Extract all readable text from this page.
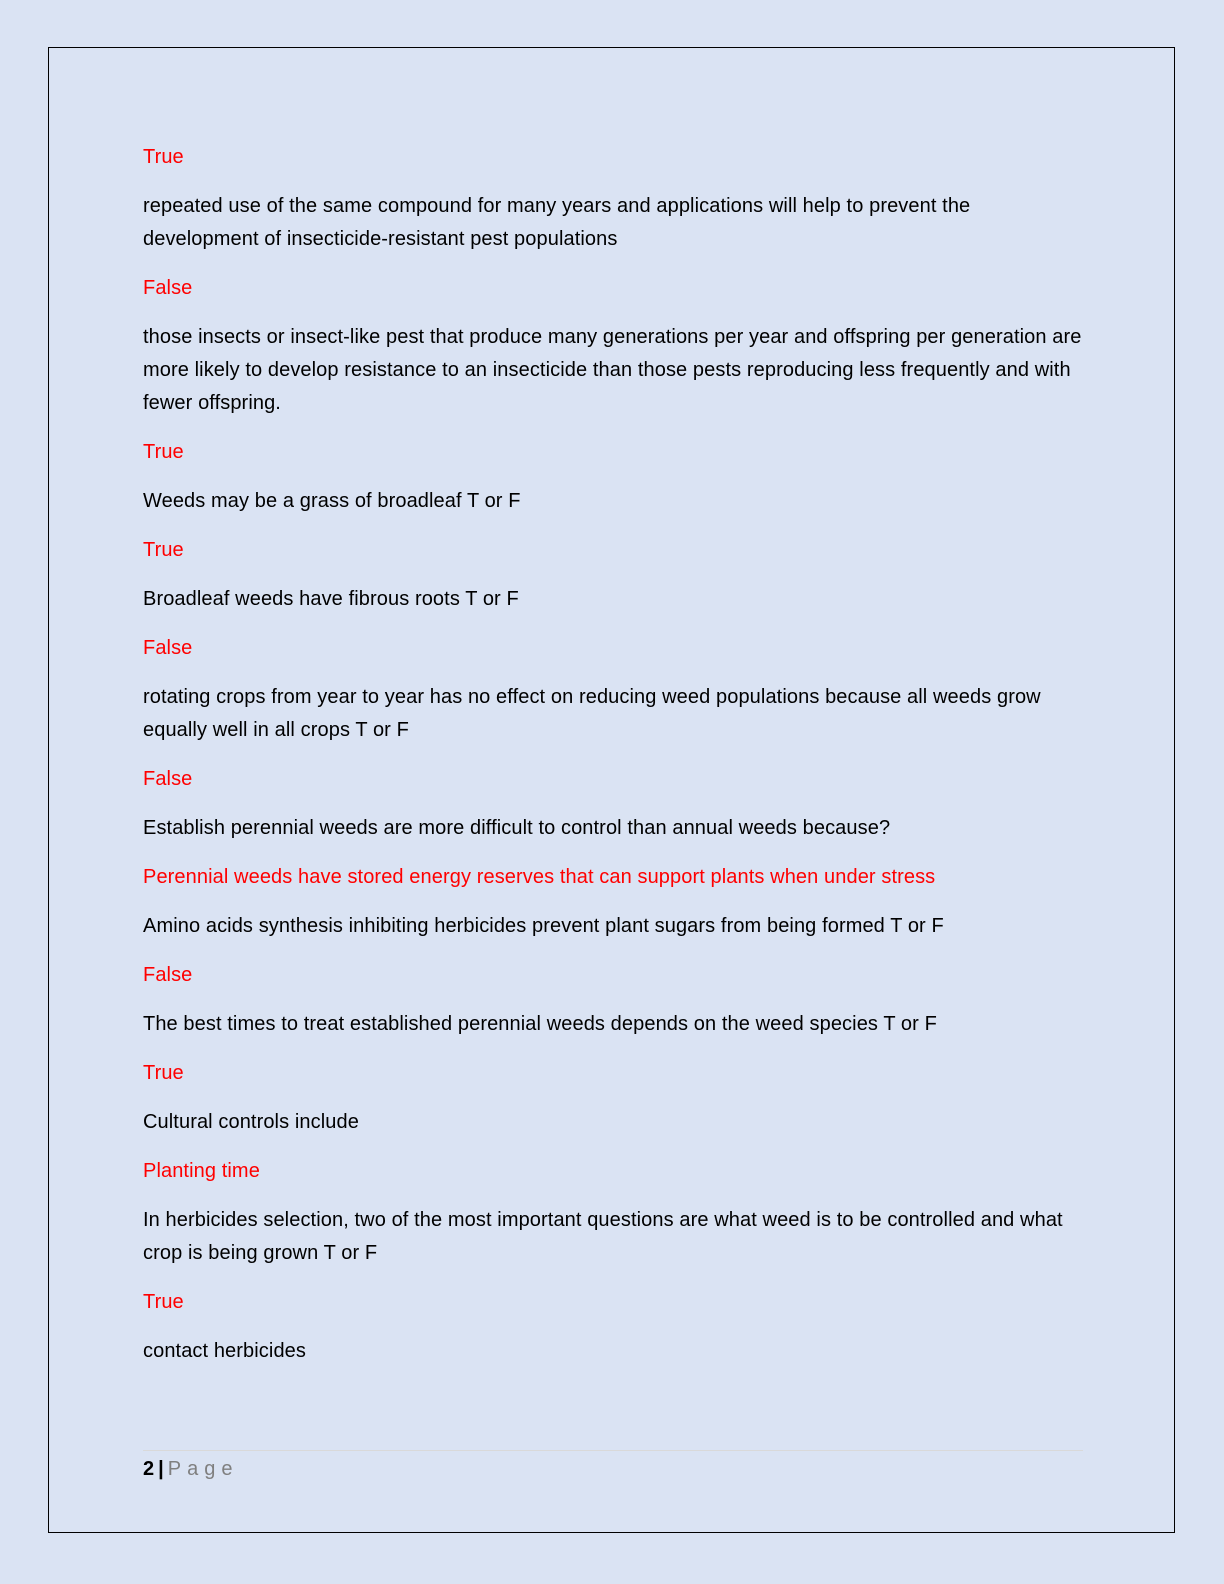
True

repeated use of the same compound for many years and applications will help to prevent the development of insecticide-resistant pest populations

False

those insects or insect-like pest that produce many generations per year and offspring per generation are more likely to develop resistance to an insecticide than those pests reproducing less frequently and with fewer offspring.

True

Weeds may be a grass of broadleaf T or F

True

Broadleaf weeds have fibrous roots T or F

False

rotating crops from year to year has no effect on reducing weed populations because all weeds grow equally well in all crops T or F

False

Establish perennial weeds are more difficult to control than annual weeds because?

Perennial weeds have stored energy reserves that can support plants when under stress

Amino acids synthesis inhibiting herbicides prevent plant sugars from being formed T or F

False

The best times to treat established perennial weeds depends on the weed species T or F

True

Cultural controls include

Planting time

In herbicides selection, two of the most important questions are what weed is to be controlled and what crop is being grown T or F

True

contact herbicides

2 | Page
